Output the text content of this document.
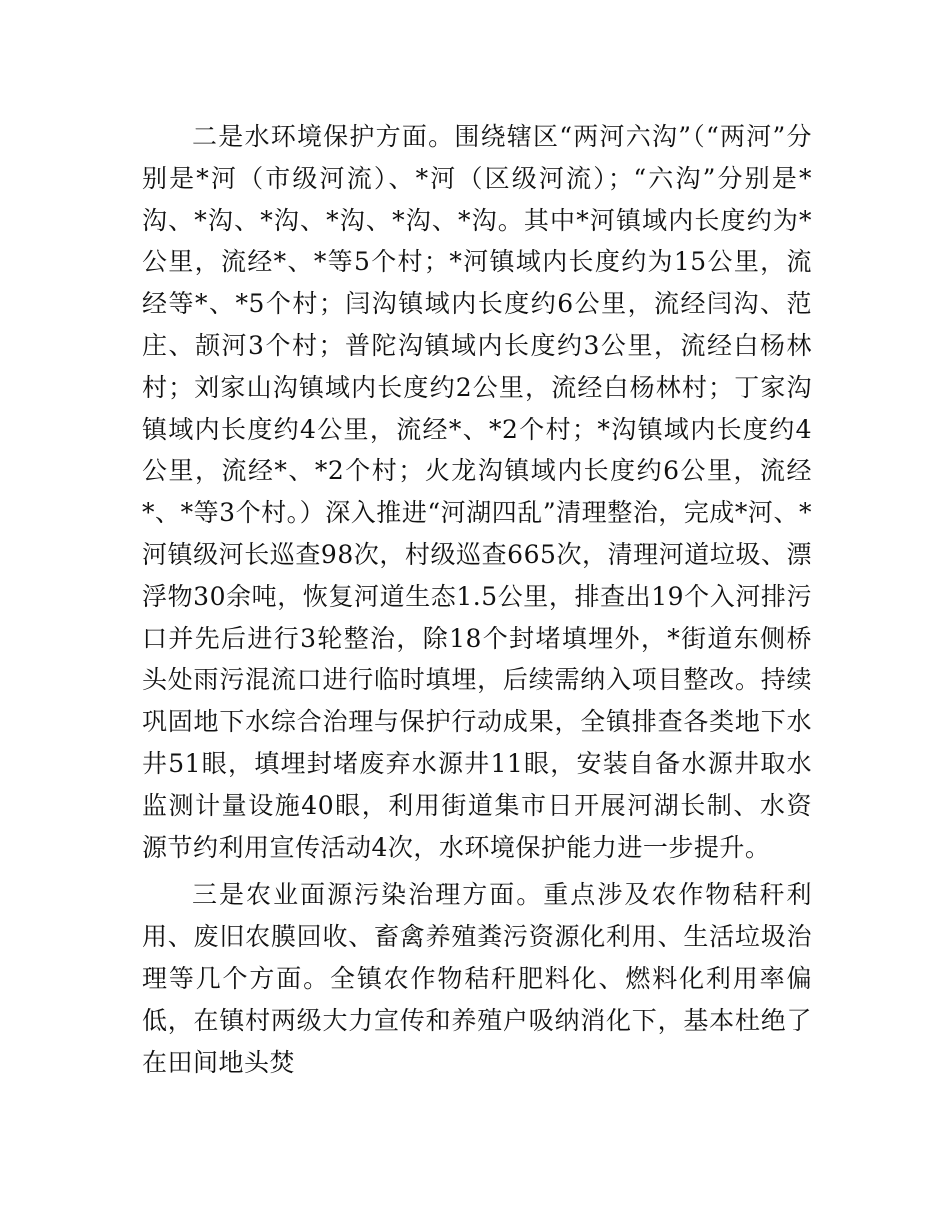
二是水环境保护方面。围绕辖区“两河六沟”（“两河”分别是*河（市级河流）、*河（区级河流）；“六沟”分别是*沟、*沟、*沟、*沟、*沟、*沟。其中*河镇域内长度约为*公里，流经*、*等5个村；*河镇域内长度约为15公里，流经等*、*5个村；闫沟镇域内长度约6公里，流经闫沟、范庄、颉河3个村；普陀沟镇域内长度约3公里，流经白杨林村；刘家山沟镇域内长度约2公里，流经白杨林村；丁家沟镇域内长度约4公里，流经*、*2个村；*沟镇域内长度约4公里，流经*、*2个村；火龙沟镇域内长度约6公里，流经*、*等3个村。）深入推进“河湖四乱”清理整治，完成*河、*河镇级河长巡查98次，村级巡查665次，清理河道垃圾、漂浮物30余吨，恢复河道生态1.5公里，排查出19个入河排污口并先后进行3轮整治，除18个封堵填埋外，*街道东侧桥头处雨污混流口进行临时填埋，后续需纳入项目整改。持续巩固地下水综合治理与保护行动成果，全镇排查各类地下水井51眼，填埋封堵废弃水源井11眼，安装自备水源井取水监测计量设施40眼，利用街道集市日开展河湖长制、水资源节约利用宣传活动4次，水环境保护能力进一步提升。

三是农业面源污染治理方面。重点涉及农作物秸秆利用、废旧农膜回收、畜禽养殖粪污资源化利用、生活垃圾治理等几个方面。全镇农作物秸秆肥料化、燃料化利用率偏低，在镇村两级大力宣传和养殖户吸纳消化下，基本杜绝了在田间地头焚
